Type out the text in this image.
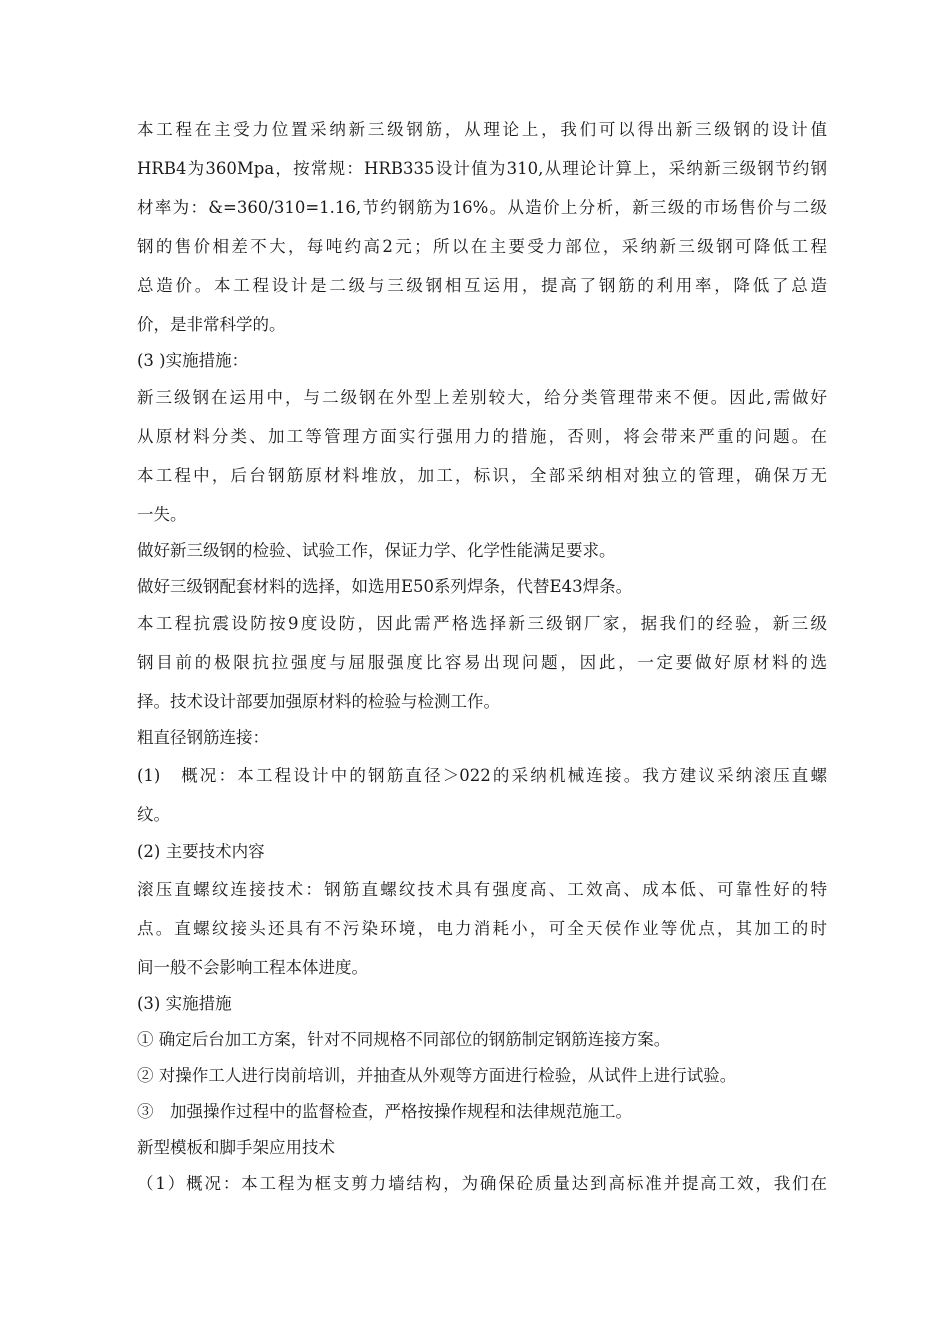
本工程在主受力位置采纳新三级钢筋，从理论上，我们可以得出新三级钢的设计值
HRB4为360Mpa，按常规：HRB335设计值为310,从理论计算上，采纳新三级钢节约钢
材率为：&=360/310=1.16,节约钢筋为16%。从造价上分析，新三级的市场售价与二级
钢的售价相差不大，每吨约高2元；所以在主要受力部位，采纳新三级钢可降低工程
总造价。本工程设计是二级与三级钢相互运用，提高了钢筋的利用率，降低了总造
价，是非常科学的。
(3 )实施措施：
新三级钢在运用中，与二级钢在外型上差别较大，给分类管理带来不便。因此,需做好
从原材料分类、加工等管理方面实行强用力的措施，否则，将会带来严重的问题。在
本工程中，后台钢筋原材料堆放，加工，标识，全部采纳相对独立的管理，确保万无
一失。
做好新三级钢的检验、试验工作，保证力学、化学性能满足要求。
做好三级钢配套材料的选择，如选用E50系列焊条，代替E43焊条。
本工程抗震设防按9度设防，因此需严格选择新三级钢厂家，据我们的经验，新三级
钢目前的极限抗拉强度与屈服强度比容易出现问题，因此，一定要做好原材料的选
择。技术设计部要加强原材料的检验与检测工作。
粗直径钢筋连接：
(1)　概况：本工程设计中的钢筋直径＞022的采纳机械连接。我方建议采纳滚压直螺
纹。
(2) 主要技术内容
滚压直螺纹连接技术：钢筋直螺纹技术具有强度高、工效高、成本低、可靠性好的特
点。直螺纹接头还具有不污染环境，电力消耗小，可全天侯作业等优点，其加工的时
间一般不会影响工程本体进度。
(3) 实施措施
① 确定后台加工方案，针对不同规格不同部位的钢筋制定钢筋连接方案。
② 对操作工人进行岗前培训，并抽查从外观等方面进行检验，从试件上进行试验。
③　加强操作过程中的监督检查，严格按操作规程和法律规范施工。
新型模板和脚手架应用技术
（1）概况：本工程为框支剪力墙结构，为确保砼质量达到高标准并提高工效，我们在
